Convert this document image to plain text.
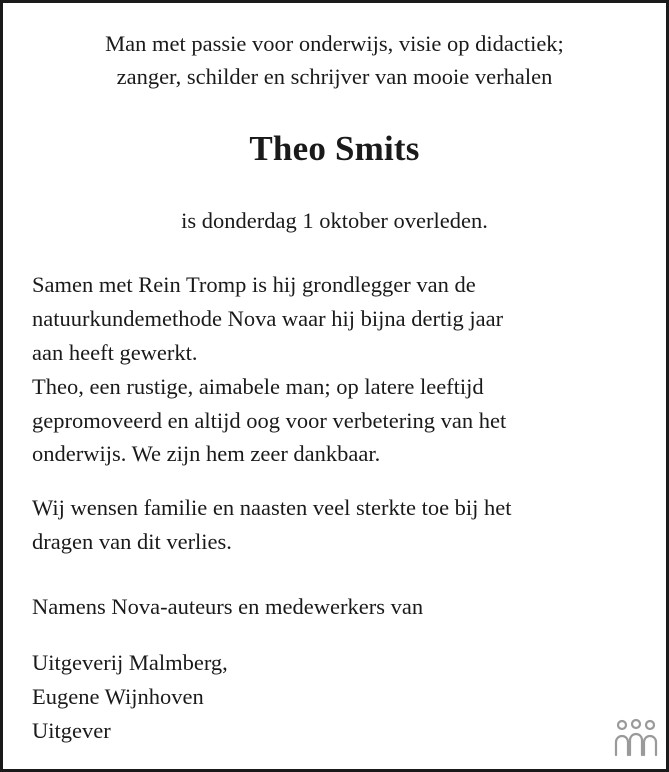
Man met passie voor onderwijs, visie op didactiek;
zanger, schilder en schrijver van mooie verhalen
Theo Smits
is donderdag 1 oktober overleden.
Samen met Rein Tromp is hij grondlegger van de
natuurkundemethode Nova waar hij bijna dertig jaar
aan heeft gewerkt.
Theo, een rustige, aimabele man; op latere leeftijd
gepromoveerd en altijd oog voor verbetering van het
onderwijs. We zijn hem zeer dankbaar.
Wij wensen familie en naasten veel sterkte toe bij het
dragen van dit verlies.
Namens Nova-auteurs en medewerkers van
Uitgeverij Malmberg,
Eugene Wijnhoven
Uitgever
